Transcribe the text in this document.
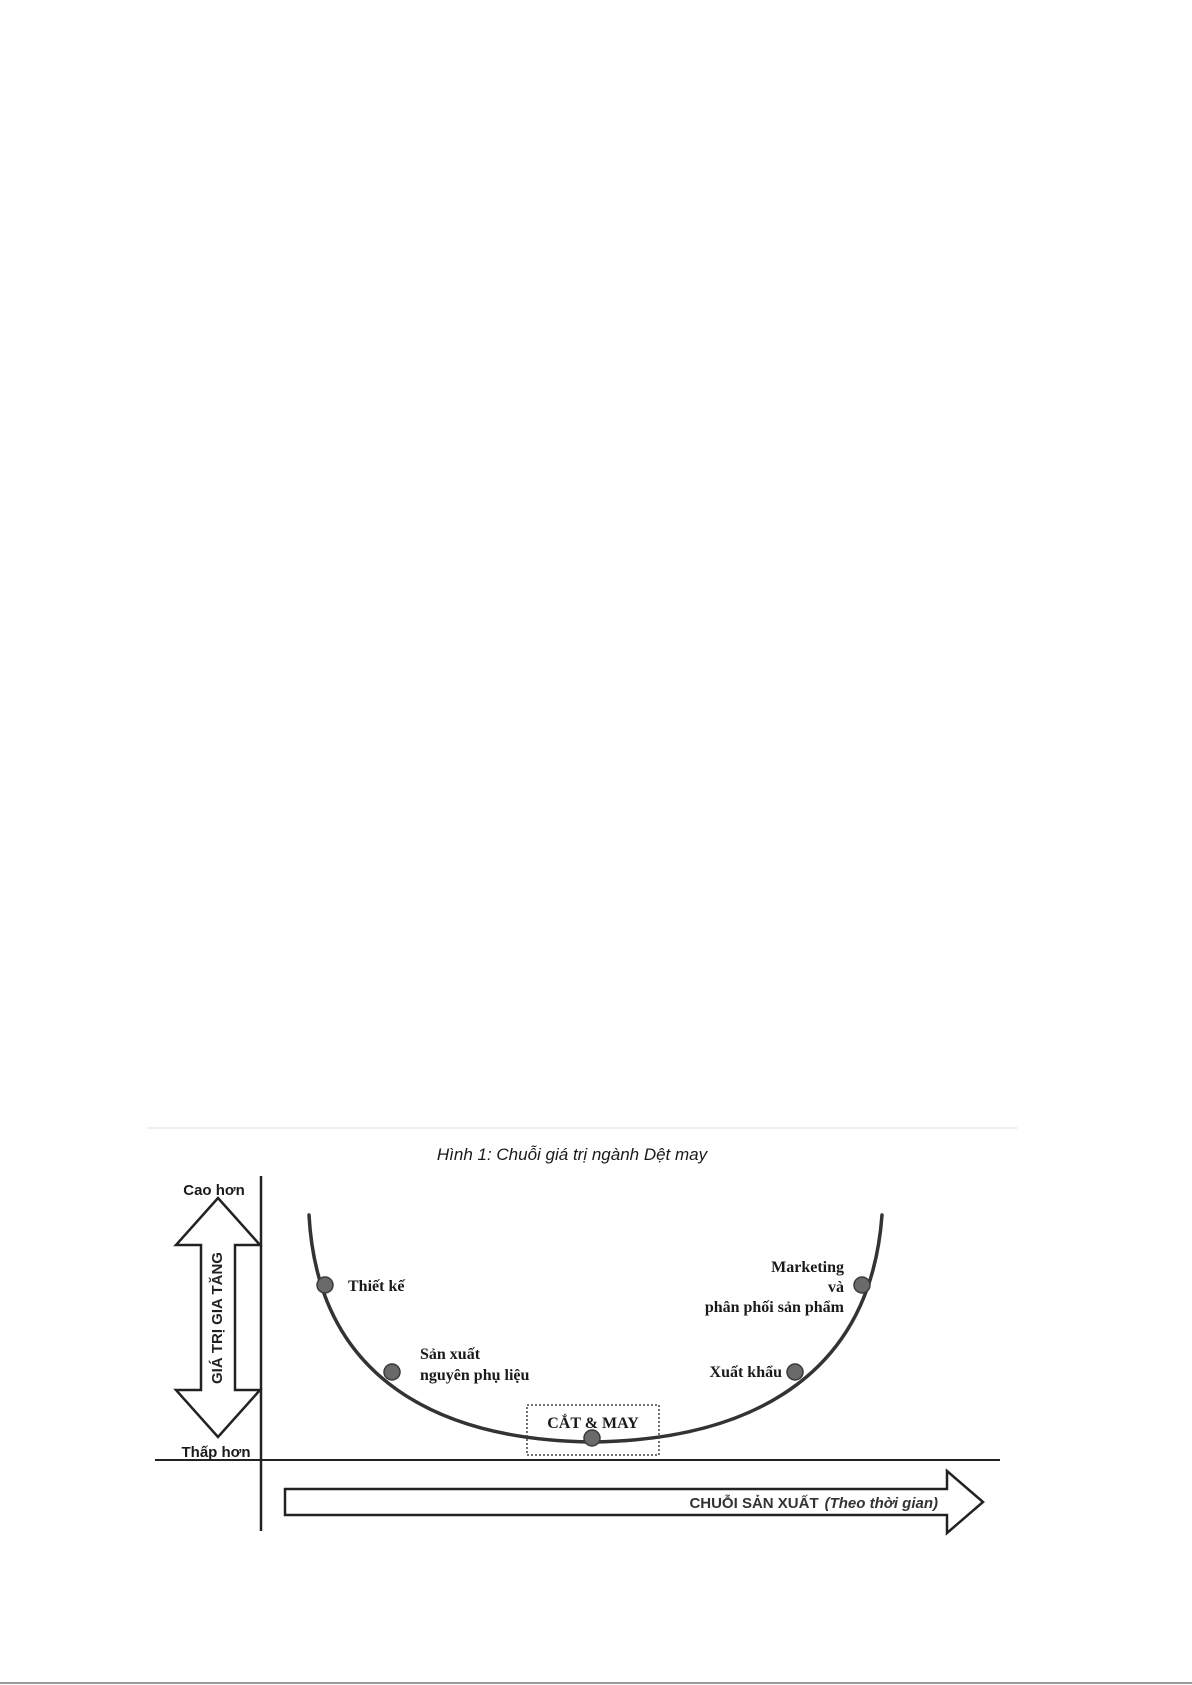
Hình 1: Chuỗi giá trị ngành Dệt may
GIÁ TRỊ GIA TĂNG
Cao hơn
Thấp hơn
CHUỖI SẢN XUẤT (Theo thời gian)
Thiết kế
Sản xuất
nguyên phụ liệu
CẮT & MAY
Xuất khẩu
Marketing
và
phân phối sản phẩm
